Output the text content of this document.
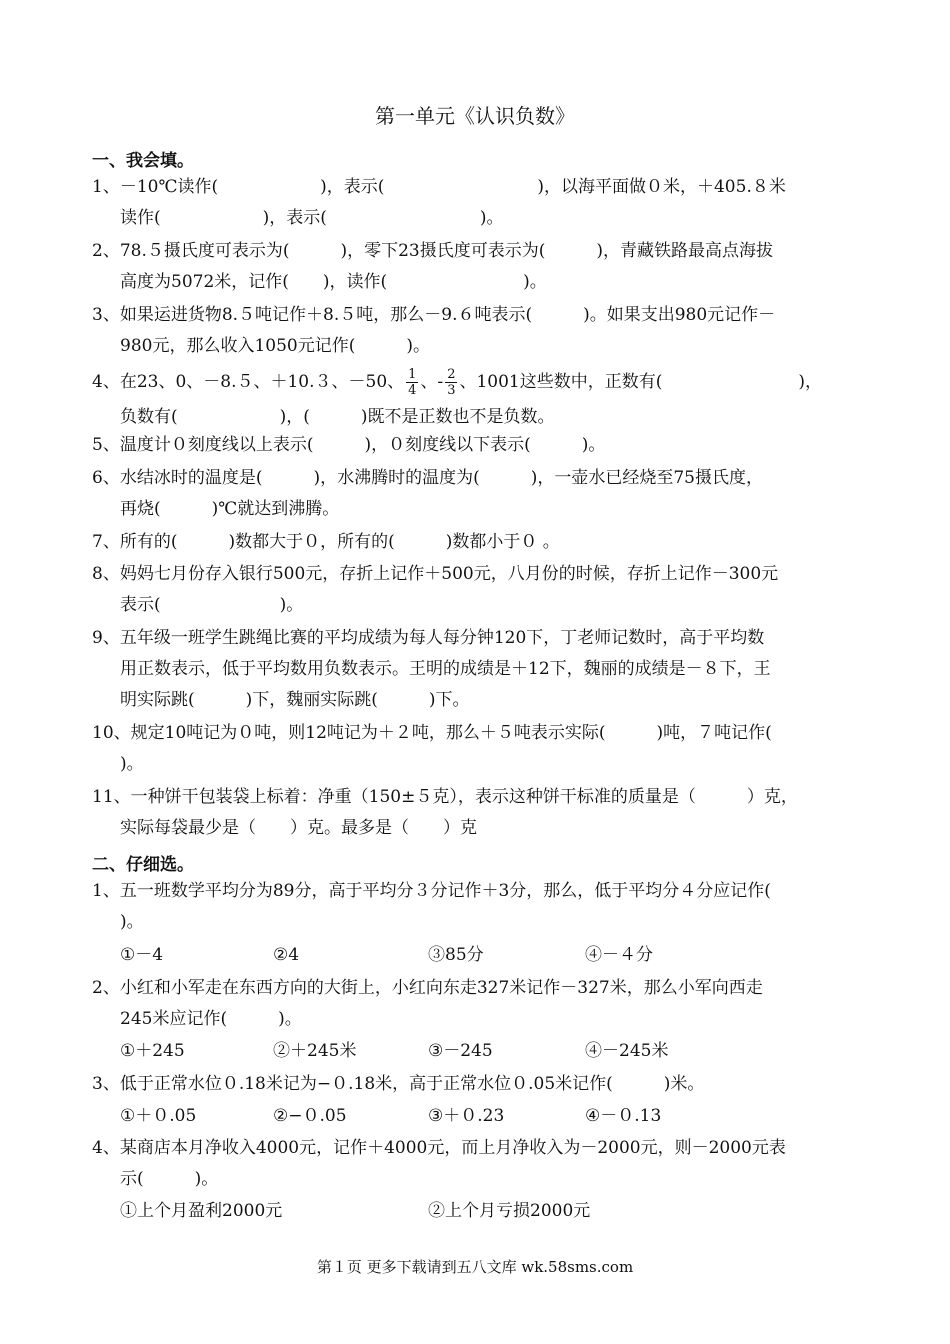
第一单元《认识负数》
一、我会填。
1、－10℃读作(　　　　　　)，表示(　　　　　　　　　)，以海平面做０米，＋405.８米
读作(　　　　　　)，表示(　　　　　　　　　)。
2、78.５摄氏度可表示为(　　　)，零下23摄氏度可表示为(　　　)，青藏铁路最高点海拔
高度为5072米，记作(　　)，读作(　　　　　　　　)。
3、如果运进货物8.５吨记作＋8.５吨，那么－9.６吨表示(　　　)。如果支出980元记作－
980元，那么收入1050元记作(　　　)。
4、在23、0、－8.５、＋10.３、－50、 $\frac{1}{4}$ 、- $\frac{2}{3}$ 、1001这些数中，正数有(　　　　　　　　)，
负数有(　　　　　　)，(　　　)既不是正数也不是负数。
5、温度计０刻度线以上表示(　　　)，０刻度线以下表示(　　　)。
6、水结冰时的温度是(　　　)，水沸腾时的温度为(　　　)，一壶水已经烧至75摄氏度，
再烧(　　　)℃就达到沸腾。
7、所有的(　　　)数都大于０，所有的(　　　)数都小于０ 。
8、妈妈七月份存入银行500元，存折上记作＋500元，八月份的时候，存折上记作－300元
表示(　　　　　　　)。
9、五年级一班学生跳绳比赛的平均成绩为每人每分钟120下，丁老师记数时，高于平均数
用正数表示，低于平均数用负数表示。王明的成绩是＋12下，魏丽的成绩是－８下，王
明实际跳(　　　)下，魏丽实际跳(　　　)下。
10、规定10吨记为０吨，则12吨记为＋２吨，那么＋５吨表示实际(　　　)吨，７吨记作(
)。
11、一种饼干包装袋上标着：净重（150±５克），表示这种饼干标准的质量是（　　　）克，
实际每袋最少是（　　）克。最多是（　　）克
二、仔细选。
1、五一班数学平均分为89分，高于平均分３分记作＋3分，那么，低于平均分４分应记作(
)。
①－4	②4	③85分	④－４分
2、小红和小军走在东西方向的大街上，小红向东走327米记作－327米，那么小军向西走
245米应记作(　　　)。
①＋245	②＋245米	③－245	④－245米
3、低于正常水位０.18米记为−０.18米，高于正常水位０.05米记作(　　　)米。
①＋０.05	②−０.05	③＋０.23	④－０.13
4、某商店本月净收入4000元，记作＋4000元，而上月净收入为－2000元，则－2000元表
示(　　　)。
①上个月盈利2000元	②上个月亏损2000元
第１页 更多下载请到五八文库 wk.58sms.com
